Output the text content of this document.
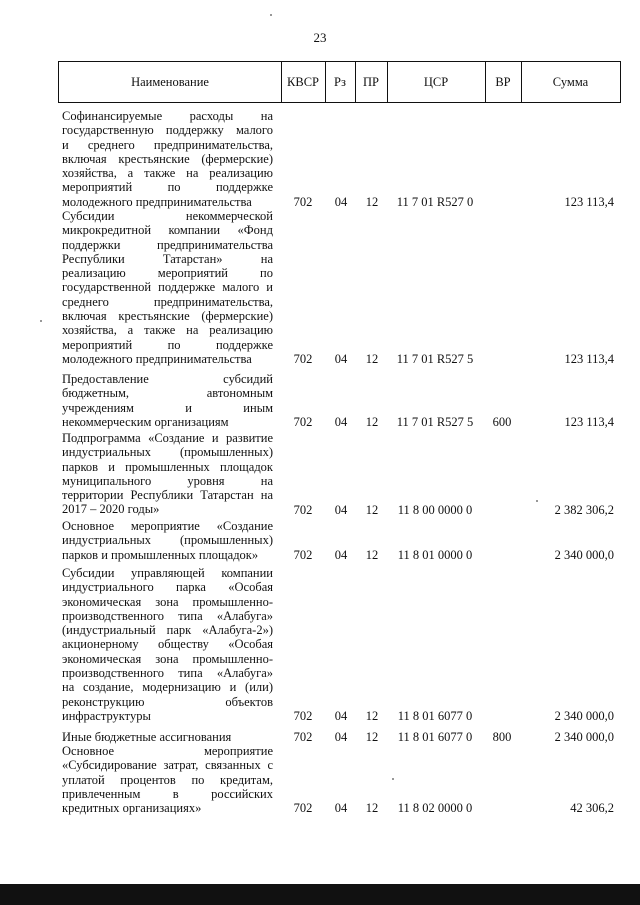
23
Наименование	КВСР	Рз	ПР	ЦСР	ВР	Сумма
Софинансируемые расходы на
государственную поддержку малого
и среднего предпринимательства,
включая крестьянские (фермерские)
хозяйства, а также на реализацию
мероприятий по поддержке
молодежного предпринимательства	702	04	12	11 7 01 R527 0	123 113,4
Субсидии некоммерческой
микрокредитной компании «Фонд
поддержки предпринимательства
Республики Татарстан» на
реализацию мероприятий по
государственной поддержке малого и
среднего предпринимательства,
включая крестьянские (фермерские)
хозяйства, а также на реализацию
мероприятий по поддержке
молодежного предпринимательства	702	04	12	11 7 01 R527 5	123 113,4
Предоставление субсидий
бюджетным, автономным
учреждениям и иным
некоммерческим организациям	702	04	12	11 7 01 R527 5	600	123 113,4
Подпрограмма «Создание и развитие
индустриальных (промышленных)
парков и промышленных площадок
муниципального уровня на
территории Республики Татарстан на
2017 – 2020 годы»	702	04	12	11 8 00 0000 0	2 382 306,2
Основное мероприятие «Создание
индустриальных (промышленных)
парков и промышленных площадок»	702	04	12	11 8 01 0000 0	2 340 000,0
Субсидии управляющей компании
индустриального парка «Особая
экономическая зона промышленно-
производственного типа «Алабуга»
(индустриальный парк «Алабуга-2»)
акционерному обществу «Особая
экономическая зона промышленно-
производственного типа «Алабуга»
на создание, модернизацию и (или)
реконструкцию объектов
инфраструктуры	702	04	12	11 8 01 6077 0	2 340 000,0
Иные бюджетные ассигнования	702	04	12	11 8 01 6077 0	800	2 340 000,0
Основное мероприятие
«Субсидирование затрат, связанных с
уплатой процентов по кредитам,
привлеченным в российских
кредитных организациях»	702	04	12	11 8 02 0000 0	42 306,2
